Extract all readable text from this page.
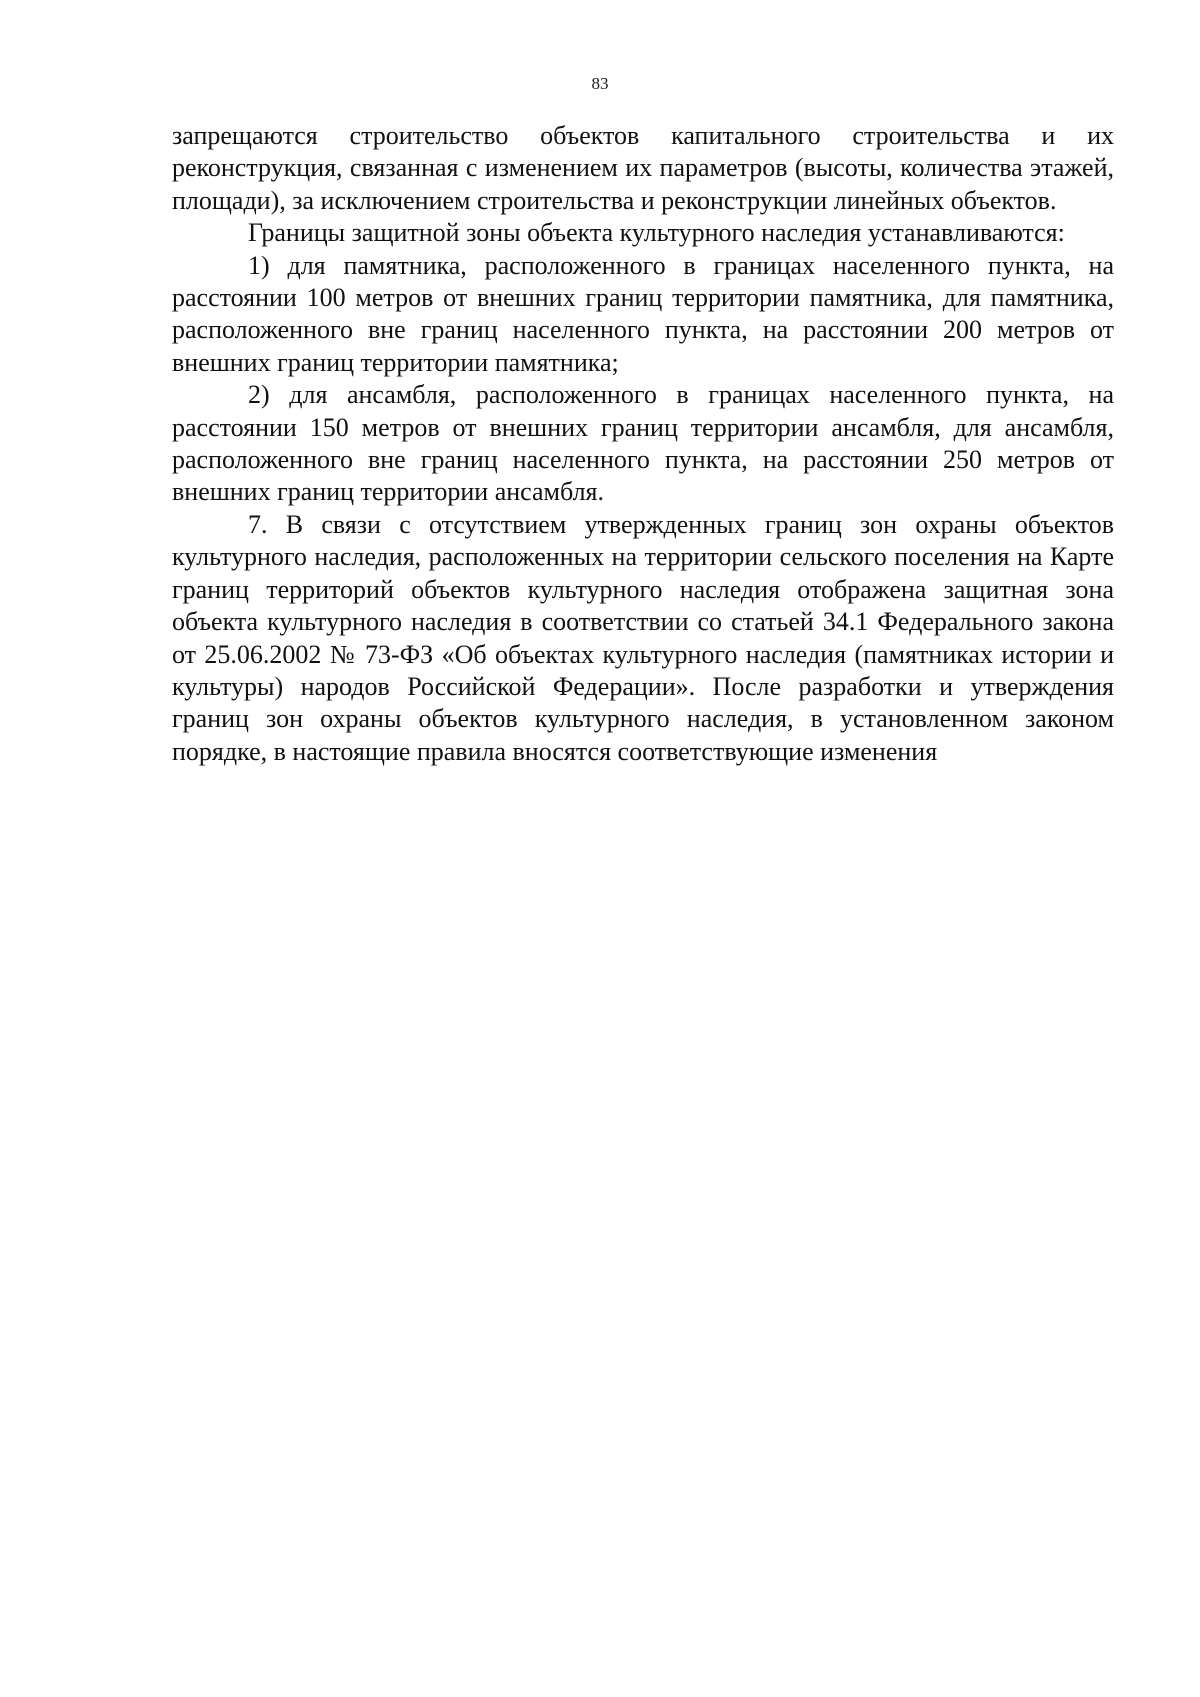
83

запрещаются строительство объектов капитального строительства и их реконструкция, связанная с изменением их параметров (высоты, количества этажей, площади), за исключением строительства и реконструкции линейных объектов.

Границы защитной зоны объекта культурного наследия устанавливаются:

1) для памятника, расположенного в границах населенного пункта, на расстоянии 100 метров от внешних границ территории памятника, для памятника, расположенного вне границ населенного пункта, на расстоянии 200 метров от внешних границ территории памятника;

2) для ансамбля, расположенного в границах населенного пункта, на расстоянии 150 метров от внешних границ территории ансамбля, для ансамбля, расположенного вне границ населенного пункта, на расстоянии 250 метров от внешних границ территории ансамбля.

7. В связи с отсутствием утвержденных границ зон охраны объектов культурного наследия, расположенных на территории сельского поселения на Карте границ территорий объектов культурного наследия отображена защитная зона объекта культурного наследия в соответствии со статьей 34.1 Федерального закона от 25.06.2002 № 73-ФЗ «Об объектах культурного наследия (памятниках истории и культуры) народов Российской Федерации». После разработки и утверждения границ зон охраны объектов культурного наследия, в установленном законом порядке, в настоящие правила вносятся соответствующие изменения
